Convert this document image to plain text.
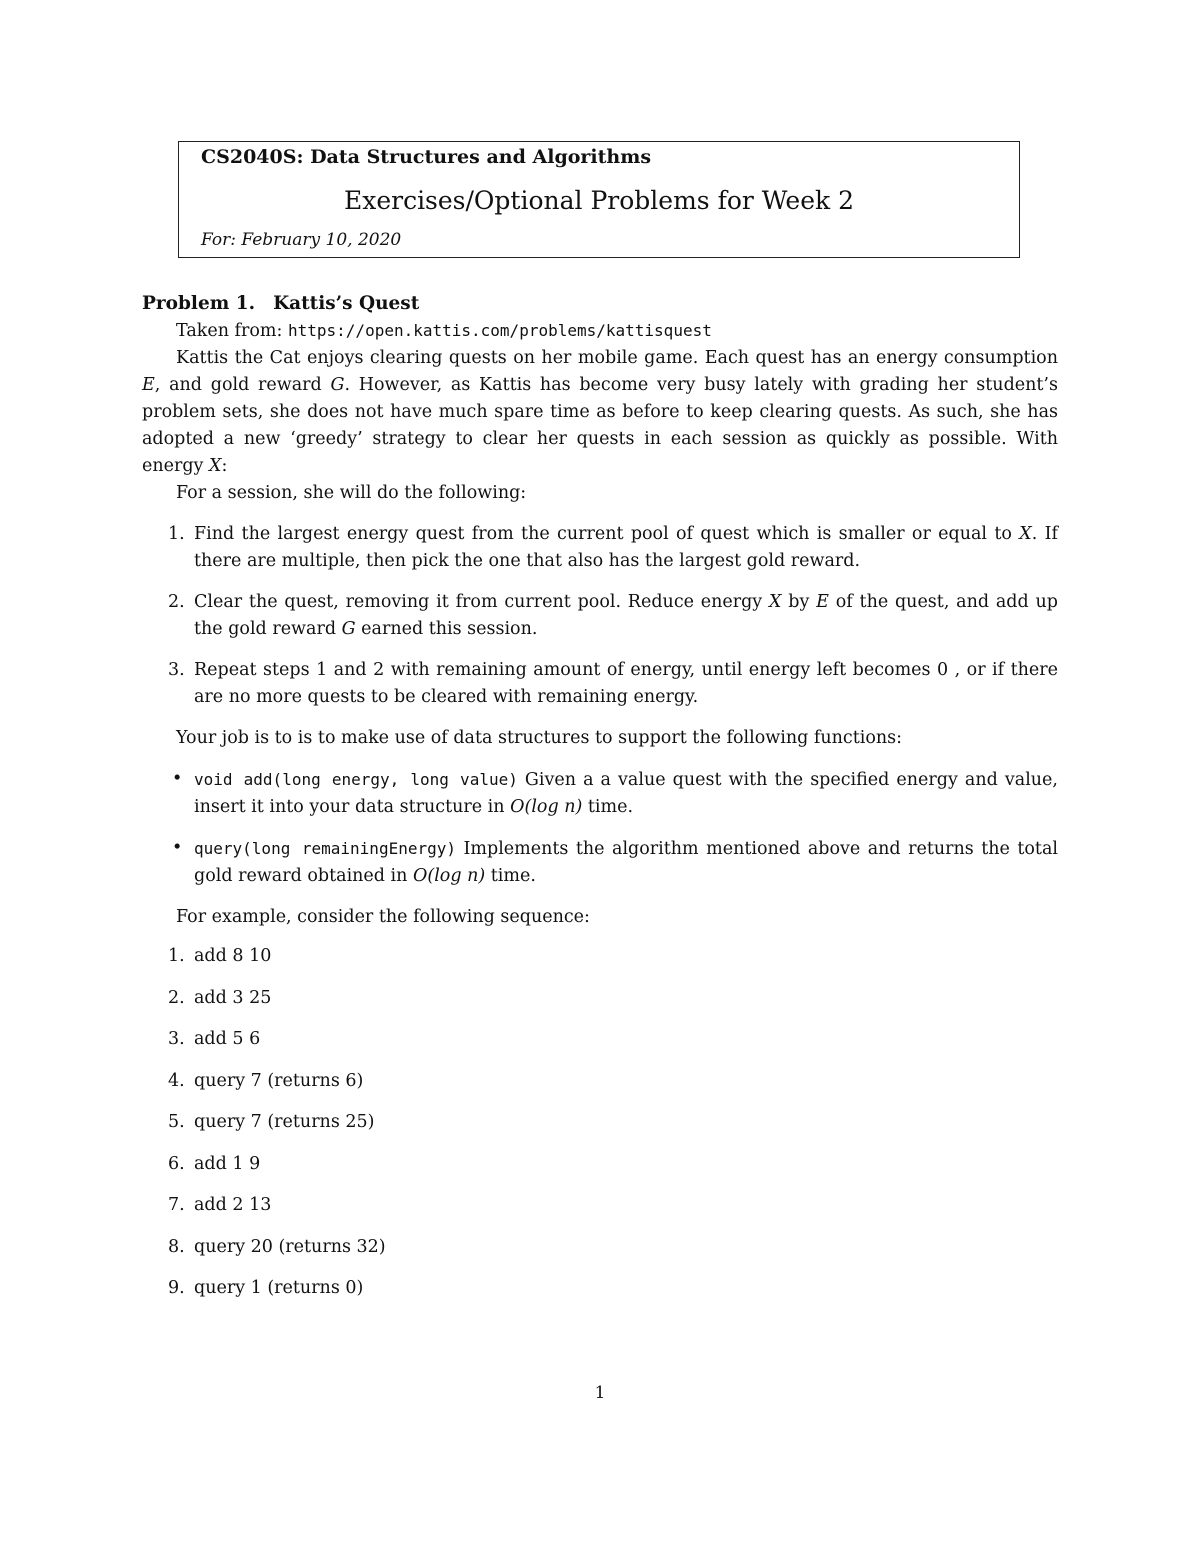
CS2040S: Data Structures and Algorithms
Exercises/Optional Problems for Week 2
For: February 10, 2020

Problem 1. Kattis’s Quest

Taken from: https://open.kattis.com/problems/kattisquest

Kattis the Cat enjoys clearing quests on her mobile game. Each quest has an energy consumption E, and gold reward G. However, as Kattis has become very busy lately with grading her student’s problem sets, she does not have much spare time as before to keep clearing quests. As such, she has adopted a new ‘greedy’ strategy to clear her quests in each session as quickly as possible. With energy X:

For a session, she will do the following:

1. Find the largest energy quest from the current pool of quest which is smaller or equal to X. If there are multiple, then pick the one that also has the largest gold reward.
2. Clear the quest, removing it from current pool. Reduce energy X by E of the quest, and add up the gold reward G earned this session.
3. Repeat steps 1 and 2 with remaining amount of energy, until energy left becomes 0 , or if there are no more quests to be cleared with remaining energy.

Your job is to is to make use of data structures to support the following functions:

• void add(long energy, long value) Given a a value quest with the specified energy and value, insert it into your data structure in O(log n) time.
• query(long remainingEnergy) Implements the algorithm mentioned above and returns the total gold reward obtained in O(log n) time.

For example, consider the following sequence:

1. add 8 10
2. add 3 25
3. add 5 6
4. query 7 (returns 6)
5. query 7 (returns 25)
6. add 1 9
7. add 2 13
8. query 20 (returns 32)
9. query 1 (returns 0)
1
